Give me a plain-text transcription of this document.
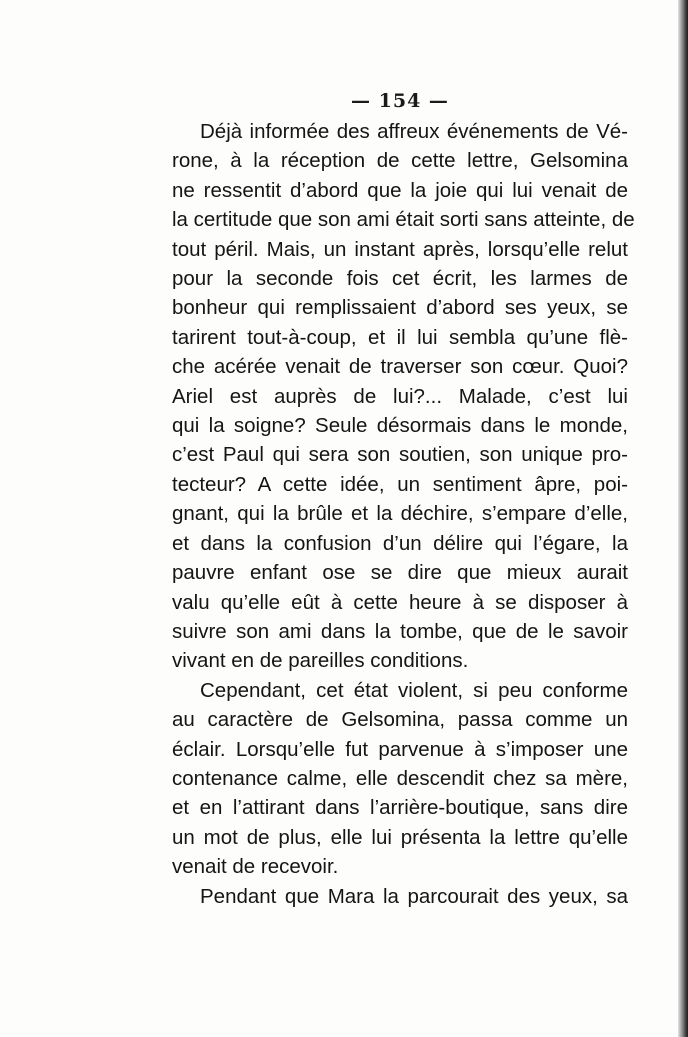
— 154 —

Déjà informée des affreux événements de Vé-
rone, à la réception de cette lettre, Gelsomina
ne ressentit d’abord que la joie qui lui venait de
la certitude que son ami était sorti sans atteinte, de
tout péril. Mais, un instant après, lorsqu’elle relut
pour la seconde fois cet écrit, les larmes de
bonheur qui remplissaient d’abord ses yeux, se
tarirent tout-à-coup, et il lui sembla qu’une flè-
che acérée venait de traverser son cœur. Quoi?
Ariel est auprès de lui?... Malade, c’est lui
qui la soigne? Seule désormais dans le monde,
c’est Paul qui sera son soutien, son unique pro-
tecteur? A cette idée, un sentiment âpre, poi-
gnant, qui la brûle et la déchire, s’empare d’elle,
et dans la confusion d’un délire qui l’égare, la
pauvre enfant ose se dire que mieux aurait
valu qu’elle eût à cette heure à se disposer à
suivre son ami dans la tombe, que de le savoir
vivant en de pareilles conditions.

Cependant, cet état violent, si peu conforme
au caractère de Gelsomina, passa comme un
éclair. Lorsqu’elle fut parvenue à s’imposer une
contenance calme, elle descendit chez sa mère,
et en l’attirant dans l’arrière-boutique, sans dire
un mot de plus, elle lui présenta la lettre qu’elle
venait de recevoir.

Pendant que Mara la parcourait des yeux, sa
